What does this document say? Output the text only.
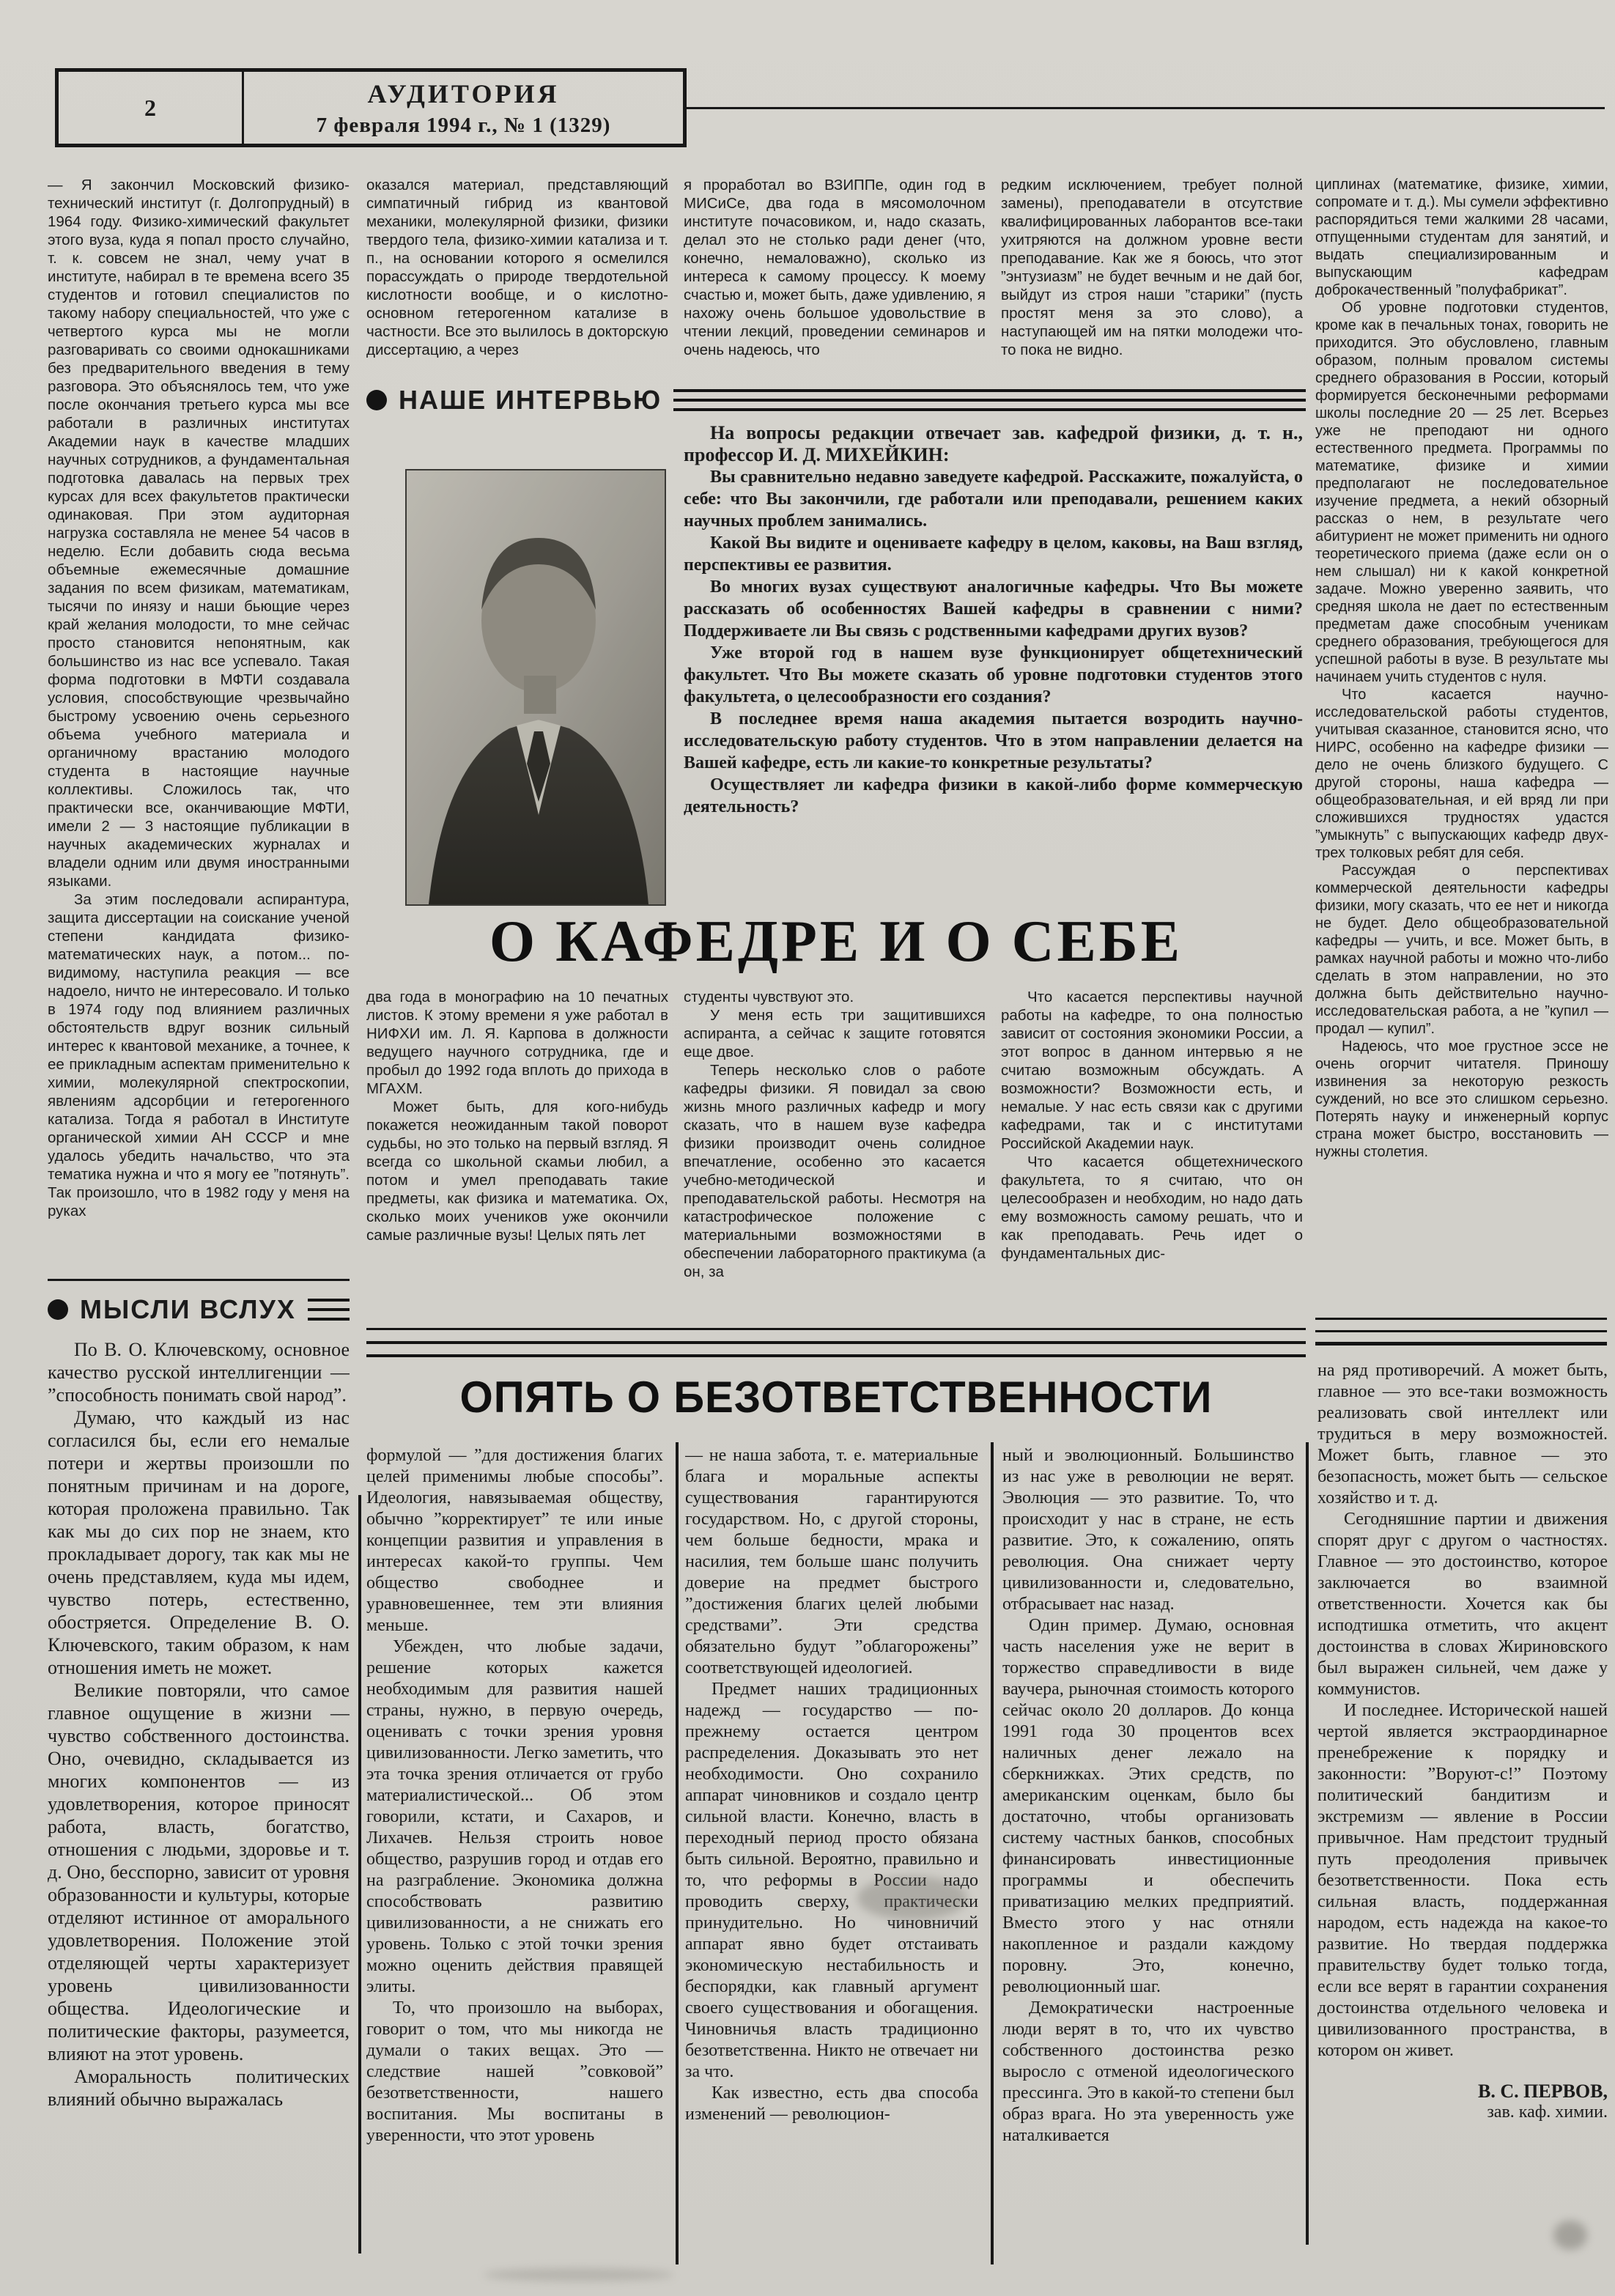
2	АУДИТОРИЯ
7 февраля 1994 г., № 1 (1329)

— Я закончил Московский физико-технический институт (г. Долгопрудный) в 1964 году. Физико-химический факультет этого вуза, куда я попал просто случайно, т. к. совсем не знал, чему учат в институте, набирал в те времена всего 35 студентов и готовил специалистов по такому набору специальностей, что уже с четвертого курса мы не могли разговаривать со своими однокашниками без предварительного введения в тему разговора. Это объяснялось тем, что уже после окончания третьего курса мы все работали в различных институтах Академии наук в качестве младших научных сотрудников, а фундаментальная подготовка давалась на первых трех курсах для всех факультетов практически одинаковая. При этом аудиторная нагрузка составляла не менее 54 часов в неделю. Если добавить сюда весьма объемные ежемесячные домашние задания по всем физикам, математикам, тысячи по инязу и наши бьющие через край желания молодости, то мне сейчас просто становится непонятным, как большинство из нас все успевало. Такая форма подготовки в МФТИ создавала условия, способствующие чрезвычайно быстрому усвоению очень серьезного объема учебного материала и органичному врастанию молодого студента в настоящие научные коллективы. Сложилось так, что практически все, оканчивающие МФТИ, имели 2 — 3 настоящие публикации в научных академических журналах и владели одним или двумя иностранными языками.

За этим последовали аспирантура, защита диссертации на соискание ученой степени кандидата физико-математических наук, а потом... по-видимому, наступила реакция — все надоело, ничто не интересовало. И только в 1974 году под влиянием различных обстоятельств вдруг возник сильный интерес к квантовой механике, а точнее, к ее прикладным аспектам применительно к химии, молекулярной спектроскопии, явлениям адсорбции и гетерогенного катализа. Тогда я работал в Институте органической химии АН СССР и мне удалось убедить начальство, что эта тематика нужна и что я могу ее ”потянуть”. Так произошло, что в 1982 году у меня на руках

оказался материал, представляющий симпатичный гибрид из квантовой механики, молекулярной физики, физики твердого тела, физико-химии катализа и т. п., на основании которого я осмелился порассуждать о природе твердотельной кислотности вообще, и о кислотно-основном гетерогенном катализе в частности. Все это вылилось в докторскую диссертацию, а через

я проработал во ВЗИППе, один год в МИСиСе, два года в мясомолочном институте почасовиком, и, надо сказать, делал это не столько ради денег (что, конечно, немаловажно), сколько из интереса к самому процессу. К моему счастью и, может быть, даже удивлению, я нахожу очень большое удовольствие в чтении лекций, проведении семинаров и очень надеюсь, что

редким исключением, требует полной замены), преподаватели в отсутствие квалифицированных лаборантов все-таки ухитряются на должном уровне вести преподавание. Как же я боюсь, что этот ”энтузиазм” не будет вечным и не дай бог, выйдут из строя наши ”старики” (пусть простят меня за это слово), а наступающей им на пятки молодежи что-то пока не видно.

НАШЕ ИНТЕРВЬЮ

На вопросы редакции отвечает зав. кафедрой физики, д. т. н., профессор И. Д. МИХЕЙКИН:

Вы сравнительно недавно заведуете кафедрой. Расскажите, пожалуйста, о себе: что Вы закончили, где работали или преподавали, решением каких научных проблем занимались.

Какой Вы видите и оцениваете кафедру в целом, каковы, на Ваш взгляд, перспективы ее развития.

Во многих вузах существуют аналогичные кафедры. Что Вы можете рассказать об особенностях Вашей кафедры в сравнении с ними? Поддерживаете ли Вы связь с родственными кафедрами других вузов?

Уже второй год в нашем вузе функционирует общетехнический факультет. Что Вы можете сказать об уровне подготовки студентов этого факультета, о целесообразности его создания?

В последнее время наша академия пытается возродить научно-исследовательскую работу студентов. Что в этом направлении делается на Вашей кафедре, есть ли какие-то конкретные результаты?

Осуществляет ли кафедра физики в какой-либо форме коммерческую деятельность?

О КАФЕДРЕ И О СЕБЕ

два года в монографию на 10 печатных листов. К этому времени я уже работал в НИФХИ им. Л. Я. Карпова в должности ведущего научного сотрудника, где и пробыл до 1992 года вплоть до прихода в МГАХМ.

Может быть, для кого-нибудь покажется неожиданным такой поворот судьбы, но это только на первый взгляд. Я всегда со школьной скамьи любил, а потом и умел преподавать такие предметы, как физика и математика. Ох, сколько моих учеников уже окончили самые различные вузы! Целых пять лет

студенты чувствуют это.

У меня есть три защитившихся аспиранта, а сейчас к защите готовятся еще двое.

Теперь несколько слов о работе кафедры физики. Я повидал за свою жизнь много различных кафедр и могу сказать, что в нашем вузе кафедра физики производит очень солидное впечатление, особенно это касается учебно-методической и преподавательской работы. Несмотря на катастрофическое положение с материальными возможностями в обеспечении лабораторного практикума (а он, за

Что касается перспективы научной работы на кафедре, то она полностью зависит от состояния экономики России, а этот вопрос в данном интервью я не считаю возможным обсуждать. А возможности? Возможности есть, и немалые. У нас есть связи как с другими кафедрами, так и с институтами Российской Академии наук.

Что касается общетехнического факультета, то я считаю, что он целесообразен и необходим, но надо дать ему возможность самому решать, что и как преподавать. Речь идет о фундаментальных дис-

циплинах (математике, физике, химии, сопромате и т. д.). Мы сумели эффективно распорядиться теми жалкими 28 часами, отпущенными студентам для занятий, и выдать специализированным и выпускающим кафедрам доброкачественный ”полуфабрикат”.

Об уровне подготовки студентов, кроме как в печальных тонах, говорить не приходится. Это обусловлено, главным образом, полным провалом системы среднего образования в России, который формируется бесконечными реформами школы последние 20 — 25 лет. Всерьез уже не преподают ни одного естественного предмета. Программы по математике, физике и химии предполагают не последовательное изучение предмета, а некий обзорный рассказ о нем, в результате чего абитуриент не может применить ни одного теоретического приема (даже если он о нем слышал) ни к какой конкретной задаче. Можно уверенно заявить, что средняя школа не дает по естественным предметам даже способным ученикам среднего образования, требующегося для успешной работы в вузе. В результате мы начинаем учить студентов с нуля.

Что касается научно-исследовательской работы студентов, учитывая сказанное, становится ясно, что НИРС, особенно на кафедре физики — дело не очень близкого будущего. С другой стороны, наша кафедра — общеобразовательная, и ей вряд ли при сложившихся трудностях удастся ”умыкнуть” с выпускающих кафедр двух-трех толковых ребят для себя.

Рассуждая о перспективах коммерческой деятельности кафедры физики, могу сказать, что ее нет и никогда не будет. Дело общеобразовательной кафедры — учить, и все. Может быть, в рамках научной работы и можно что-либо сделать в этом направлении, но это должна быть действительно научно-исследовательская работа, а не ”купил — продал — купил”.

Надеюсь, что мое грустное эссе не очень огорчит читателя. Приношу извинения за некоторую резкость суждений, но все это слишком серьезно. Потерять науку и инженерный корпус страна может быстро, восстановить — нужны столетия.

МЫСЛИ ВСЛУХ

По В. О. Ключевскому, основное качество русской интеллигенции — ”способность понимать свой народ”.

Думаю, что каждый из нас согласился бы, если его немалые потери и жертвы произошли по понятным причинам и на дороге, которая проложена правильно. Так как мы до сих пор не знаем, кто прокладывает дорогу, так как мы не очень представляем, куда мы идем, чувство потерь, естественно, обостряется. Определение В. О. Ключевского, таким образом, к нам отношения иметь не может.

Великие повторяли, что самое главное ощущение в жизни — чувство собственного достоинства. Оно, очевидно, складывается из многих компонентов — из удовлетворения, которое приносят работа, власть, богатство, отношения с людьми, здоровье и т. д. Оно, бесспорно, зависит от уровня образованности и культуры, которые отделяют истинное от аморального удовлетворения. Положение этой отделяющей черты характеризует уровень цивилизованности общества. Идеологические и политические факторы, разумеется, влияют на этот уровень.

Аморальность политических влияний обычно выражалась

ОПЯТЬ О БЕЗОТВЕТСТВЕННОСТИ

формулой — ”для достижения благих целей применимы любые способы”. Идеология, навязываемая обществу, обычно ”корректирует” те или иные концепции развития и управления в интересах какой-то группы. Чем общество свободнее и уравновешеннее, тем эти влияния меньше.

Убежден, что любые задачи, решение которых кажется необходимым для развития нашей страны, нужно, в первую очередь, оценивать с точки зрения уровня цивилизованности. Легко заметить, что эта точка зрения отличается от грубо материалистической... Об этом говорили, кстати, и Сахаров, и Лихачев. Нельзя строить новое общество, разрушив город и отдав его на разграбление. Экономика должна способствовать развитию цивилизованности, а не снижать его уровень. Только с этой точки зрения можно оценить действия правящей элиты.

То, что произошло на выборах, говорит о том, что мы никогда не думали о таких вещах. Это — следствие нашей ”совковой” безответственности, нашего воспитания. Мы воспитаны в уверенности, что этот уровень

— не наша забота, т. е. материальные блага и моральные аспекты существования гарантируются государством. Но, с другой стороны, чем больше бедности, мрака и насилия, тем больше шанс получить доверие на предмет быстрого ”достижения благих целей любыми средствами”. Эти средства обязательно будут ”облагорожены” соответствующей идеологией.

Предмет наших традиционных надежд — государство — по-прежнему остается центром распределения. Доказывать это нет необходимости. Оно сохранило аппарат чиновников и создало центр сильной власти. Конечно, власть в переходный период просто обязана быть сильной. Вероятно, правильно и то, что реформы в России надо проводить сверху, практически принудительно. Но чиновничий аппарат явно будет отстаивать экономическую нестабильность и беспорядки, как главный аргумент своего существования и обогащения. Чиновничья власть традиционно безответственна. Никто не отвечает ни за что.

Как известно, есть два способа изменений — революцион-

ный и эволюционный. Большинство из нас уже в революции не верят. Эволюция — это развитие. То, что происходит у нас в стране, не есть развитие. Это, к сожалению, опять революция. Она снижает черту цивилизованности и, следовательно, отбрасывает нас назад.

Один пример. Думаю, основная часть населения уже не верит в торжество справедливости в виде ваучера, рыночная стоимость которого сейчас около 20 долларов. До конца 1991 года 30 процентов всех наличных денег лежало на сберкнижках. Этих средств, по американским оценкам, было бы достаточно, чтобы организовать систему частных банков, способных финансировать инвестиционные программы и обеспечить приватизацию мелких предприятий. Вместо этого у нас отняли накопленное и раздали каждому поровну. Это, конечно, революционный шаг.

Демократически настроенные люди верят в то, что их чувство собственного достоинства резко выросло с отменой идеологического прессинга. Это в какой-то степени был образ врага. Но эта уверенность уже наталкивается

на ряд противоречий. А может быть, главное — это все-таки возможность реализовать свой интеллект или трудиться в меру возможностей. Может быть, главное — это безопасность, может быть — сельское хозяйство и т. д.

Сегодняшние партии и движения спорят друг с другом о частностях. Главное — это достоинство, которое заключается во взаимной ответственности. Хочется как бы исподтишка отметить, что акцент достоинства в словах Жириновского был выражен сильней, чем даже у коммунистов.

И последнее. Исторической нашей чертой является экстраординарное пренебрежение к порядку и законности: ”Воруют-с!” Поэтому политический бандитизм и экстремизм — явление в России привычное. Нам предстоит трудный путь преодоления привычек безответственности. Пока есть сильная власть, поддержанная народом, есть надежда на какое-то развитие. Но твердая поддержка правительству будет только тогда, если все верят в гарантии сохранения достоинства отдельного человека и цивилизованного пространства, в котором он живет.

В. С. ПЕРВОВ,

зав. каф. химии.
